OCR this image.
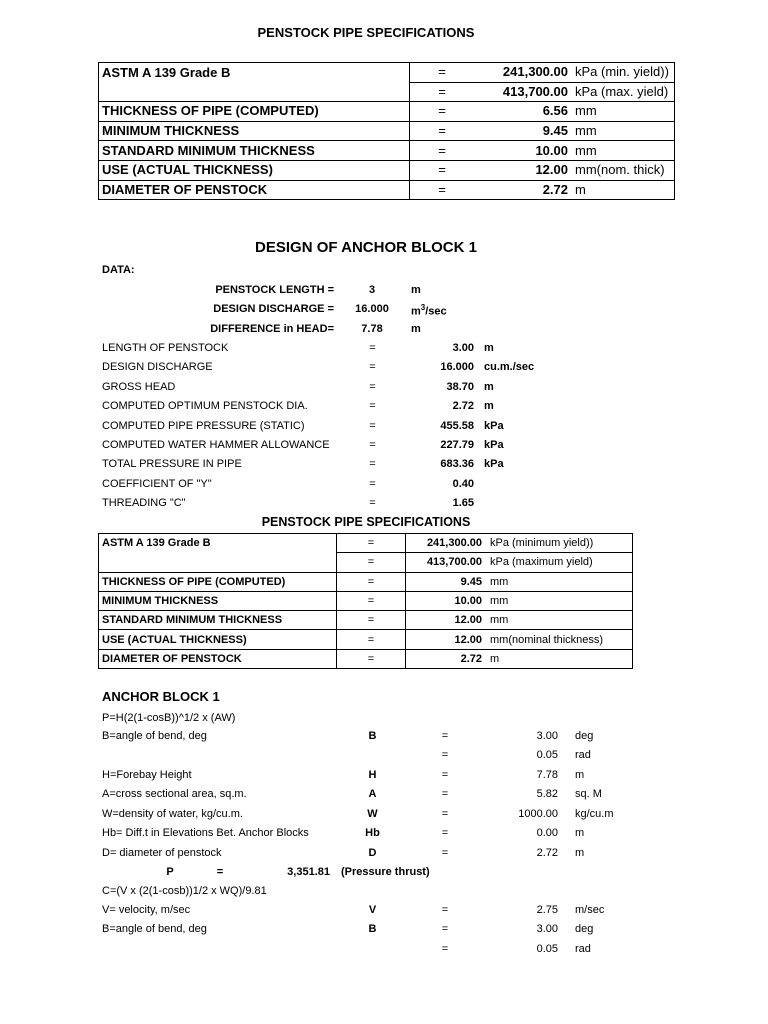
PENSTOCK PIPE SPECIFICATIONS
ASTM A 139 Grade B	=	241,300.00	kPa (min. yield))
	=	413,700.00	kPa (max. yield)
THICKNESS OF PIPE (COMPUTED)	=	6.56	mm
MINIMUM THICKNESS	=	9.45	mm
STANDARD MINIMUM THICKNESS	=	10.00	mm
USE (ACTUAL THICKNESS)	=	12.00	mm(nom. thick)
DIAMETER OF PENSTOCK	=	2.72	m
DESIGN OF ANCHOR BLOCK 1
DATA:
PENSTOCK LENGTH =	3	m
DESIGN DISCHARGE =	16.000	$m^3/\sec$
DIFFERENCE in HEAD=	7.78	m
LENGTH OF PENSTOCK	=	3.00 m
DESIGN DISCHARGE	=	16.000 cu.m./sec
GROSS HEAD	=	38.70 m
COMPUTED OPTIMUM PENSTOCK DIA.	=	2.72 m
COMPUTED PIPE PRESSURE (STATIC)	=	455.58 kPa
COMPUTED WATER HAMMER ALLOWANCE	=	227.79 kPa
TOTAL PRESSURE IN PIPE	=	683.36 kPa
COEFFICIENT OF "Y"	=	0.40
THREADING "C"	=	1.65
PENSTOCK PIPE SPECIFICATIONS
ASTM A 139 Grade B	=	241,300.00	kPa (minimum yield))
	=	413,700.00	kPa (maximum yield)
THICKNESS OF PIPE (COMPUTED)	=	9.45	mm
MINIMUM THICKNESS	=	10.00	mm
STANDARD MINIMUM THICKNESS	=	12.00	mm
USE (ACTUAL THICKNESS)	=	12.00	mm(nominal thickness)
DIAMETER OF PENSTOCK	=	2.72	m
ANCHOR BLOCK 1
P=H(2(1-cosB))^1/2 x (AW)
B=angle of bend, deg	B	=	3.00 deg
=	0.05 rad
H=Forebay Height	H	=	7.78 m
A=cross sectional area, sq.m.	A	=	5.82 sq. M
W=density of water, kg/cu.m.	W	=	1000.00 kg/cu.m
Hb= Diff.t in Elevations Bet. Anchor Blocks	Hb	=	0.00 m
D= diameter of penstock	D	=	2.72 m
P	=	3,351.81 (Pressure thrust)
C=(V x (2(1-cosb))1/2 x WQ)/9.81
V= velocity, m/sec	V	=	2.75 m/sec
B=angle of bend, deg	B	=	3.00 deg
=	0.05 rad
